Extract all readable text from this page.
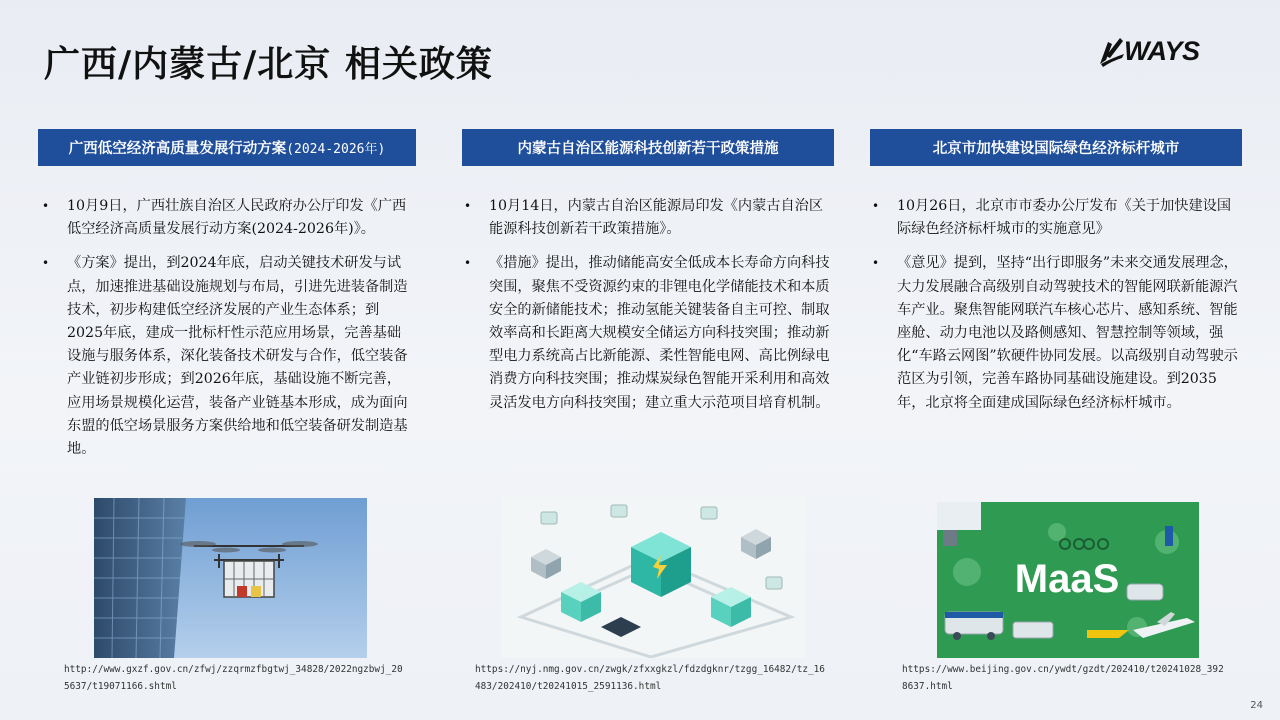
广西/内蒙古/北京 相关政策	WAYS
广西低空经济高质量发展行动方案 (2024-2026年)
• 10月9日，广西壮族自治区人民政府办公厅印发《广西低空经济高质量发展行动方案(2024-2026年)》。
• 《方案》提出，到2024年底，启动关键技术研发与试点，加速推进基础设施规划与布局，引进先进装备制造技术，初步构建低空经济发展的产业生态体系；到2025年底，建成一批标杆性示范应用场景，完善基础设施与服务体系，深化装备技术研发与合作，低空装备产业链初步形成；到2026年底，基础设施不断完善，应用场景规模化运营，装备产业链基本形成，成为面向东盟的低空场景服务方案供给地和低空装备研发制造基地。
内蒙古自治区能源科技创新若干政策措施
• 10月14日，内蒙古自治区能源局印发《内蒙古自治区能源科技创新若干政策措施》。
• 《措施》提出，推动储能高安全低成本长寿命方向科技突围，聚焦不受资源约束的非锂电化学储能技术和本质安全的新储能技术；推动氢能关键装备自主可控、制取效率高和长距离大规模安全储运方向科技突围；推动新型电力系统高占比新能源、柔性智能电网、高比例绿电消费方向科技突围；推动煤炭绿色智能开采利用和高效灵活发电方向科技突围；建立重大示范项目培育机制。
北京市加快建设国际绿色经济标杆城市
• 10月26日，北京市市委办公厅发布《关于加快建设国际绿色经济标杆城市的实施意见》
• 《意见》提到，坚持“出行即服务”未来交通发展理念，大力发展融合高级别自动驾驶技术的智能网联新能源汽车产业。聚焦智能网联汽车核心芯片、感知系统、智能座舱、动力电池以及路侧感知、智慧控制等领域，强化“车路云网图”软硬件协同发展。以高级别自动驾驶示范区为引领，完善车路协同基础设施建设。到2035年，北京将全面建成国际绿色经济标杆城市。
MaaS
http://www.gxzf.gov.cn/zfwj/zzqrmzfbgtwj_34828/2022ngzbwj_20
5637/t19071166.shtml
https://nyj.nmg.gov.cn/zwgk/zfxxgkzl/fdzdgknr/tzgg_16482/tz_16
483/202410/t20241015_2591136.html
https://www.beijing.gov.cn/ywdt/gzdt/202410/t20241028_392
8637.html
24
